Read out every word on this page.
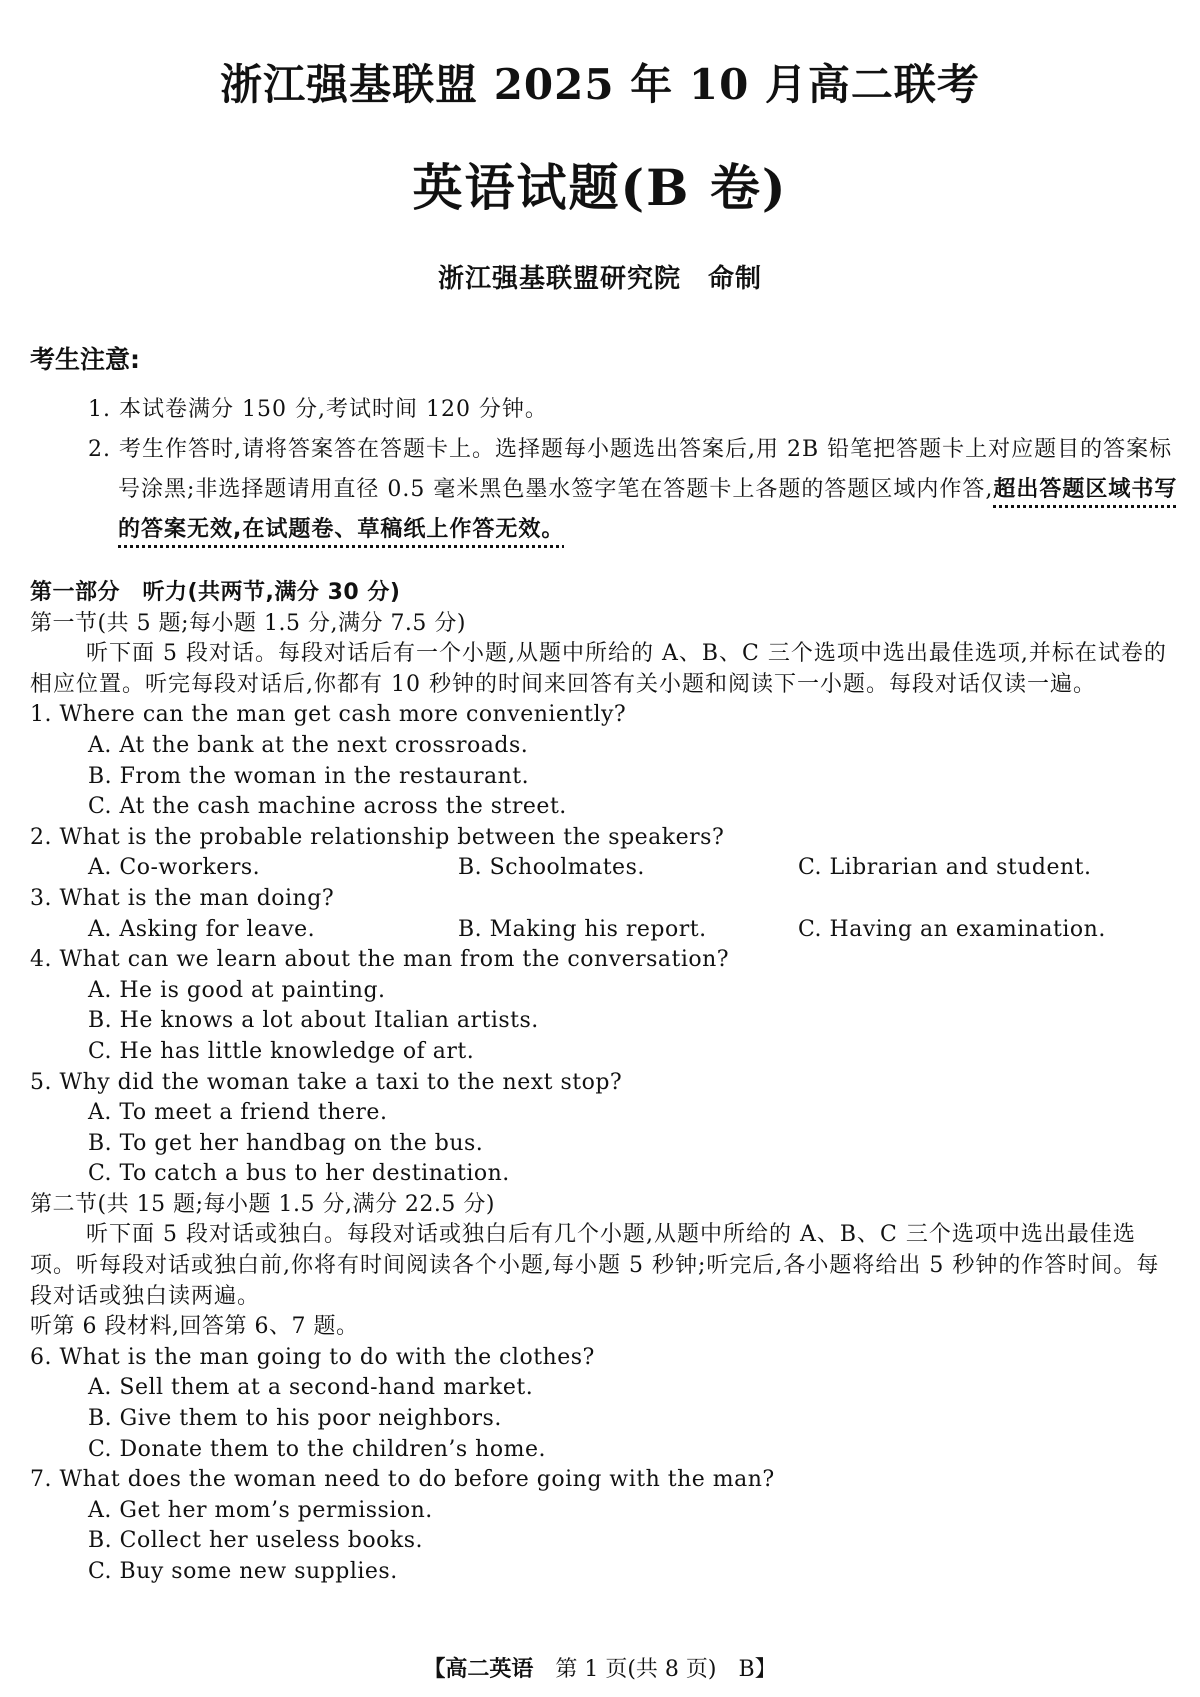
浙江强基联盟 2025 年 10 月高二联考
英语试题(B 卷)
浙江强基联盟研究院　命制
考生注意:
1. 本试卷满分 150 分,考试时间 120 分钟。
2. 考生作答时,请将答案答在答题卡上。选择题每小题选出答案后,用 2B 铅笔把答题卡上对应题目的答案标号涂黑;非选择题请用直径 0.5 毫米黑色墨水签字笔在答题卡上各题的答题区域内作答,超出答题区域书写的答案无效,在试题卷、草稿纸上作答无效。
第一部分　听力(共两节,满分 30 分)
第一节(共 5 题;每小题 1.5 分,满分 7.5 分)
听下面 5 段对话。每段对话后有一个小题,从题中所给的 A、B、C 三个选项中选出最佳选项,并标在试卷的相应位置。听完每段对话后,你都有 10 秒钟的时间来回答有关小题和阅读下一小题。每段对话仅读一遍。
1. Where can the man get cash more conveniently?
A. At the bank at the next crossroads.
B. From the woman in the restaurant.
C. At the cash machine across the street.
2. What is the probable relationship between the speakers?
A. Co-workers.	B. Schoolmates.	C. Librarian and student.
3. What is the man doing?
A. Asking for leave.	B. Making his report.	C. Having an examination.
4. What can we learn about the man from the conversation?
A. He is good at painting.
B. He knows a lot about Italian artists.
C. He has little knowledge of art.
5. Why did the woman take a taxi to the next stop?
A. To meet a friend there.
B. To get her handbag on the bus.
C. To catch a bus to her destination.
第二节(共 15 题;每小题 1.5 分,满分 22.5 分)
听下面 5 段对话或独白。每段对话或独白后有几个小题,从题中所给的 A、B、C 三个选项中选出最佳选项。听每段对话或独白前,你将有时间阅读各个小题,每小题 5 秒钟;听完后,各小题将给出 5 秒钟的作答时间。每段对话或独白读两遍。
听第 6 段材料,回答第 6、7 题。
6. What is the man going to do with the clothes?
A. Sell them at a second-hand market.
B. Give them to his poor neighbors.
C. Donate them to the children’s home.
7. What does the woman need to do before going with the man?
A. Get her mom’s permission.
B. Collect her useless books.
C. Buy some new supplies.
【高二英语　第 1 页(共 8 页)　B】
